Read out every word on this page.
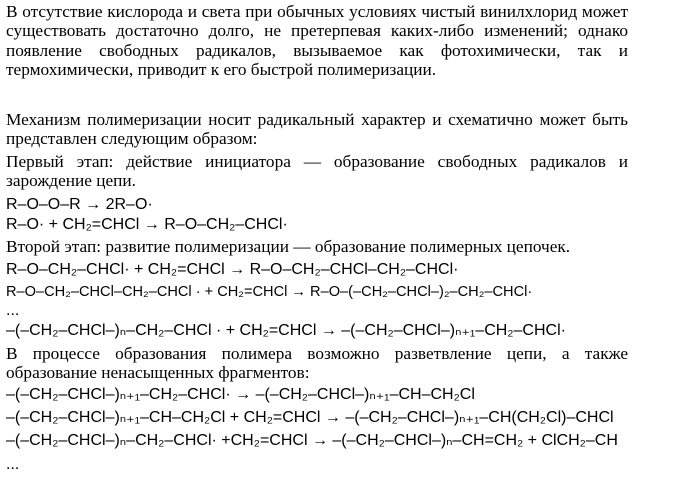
В отсутствие кислорода и света при обычных условиях чистый винилхлорид может существовать достаточно долго, не претерпевая каких-либо изменений; однако появление свободных радикалов, вызываемое как фотохимически, так и термохимически, приводит к его быстрой полимеризации.
Механизм полимеризации носит радикальный характер и схематично может быть представлен следующим образом:
Первый этап: действие инициатора — образование свободных радикалов и зарождение цепи.
R–O–O–R → 2R–O·
R–O· + CH₂=CHCl → R–O–CH₂–CHCl·
Второй этап: развитие полимеризации — образование полимерных цепочек.
R–O–CH₂–CHCl· + CH₂=CHCl → R–O–CH₂–CHCl–CH₂–CHCl·
R–O–CH₂–CHCl–CH₂–CHCl · + CH₂=CHCl → R–O–(–CH₂–CHCl–)₂–CH₂–CHCl·
...
–(–CH₂–CHCl–)ₙ–CH₂–CHCl · + CH₂=CHCl → –(–CH₂–CHCl–)ₙ₊₁–CH₂–CHCl·
В процессе образования полимера возможно разветвление цепи, а также образование ненасыщенных фрагментов:
–(–CH₂–CHCl–)ₙ₊₁–CH₂–CHCl· → –(–CH₂–CHCl–)ₙ₊₁–CH–CH₂Cl
–(–CH₂–CHCl–)ₙ₊₁–CH–CH₂Cl + CH₂=CHCl → –(–CH₂–CHCl–)ₙ₊₁–CH(CH₂Cl)–CHCl
–(–CH₂–CHCl–)ₙ–CH₂–CHCl· +CH₂=CHCl → –(–CH₂–CHCl–)ₙ–CH=CH₂ + ClCH₂–CH
...
